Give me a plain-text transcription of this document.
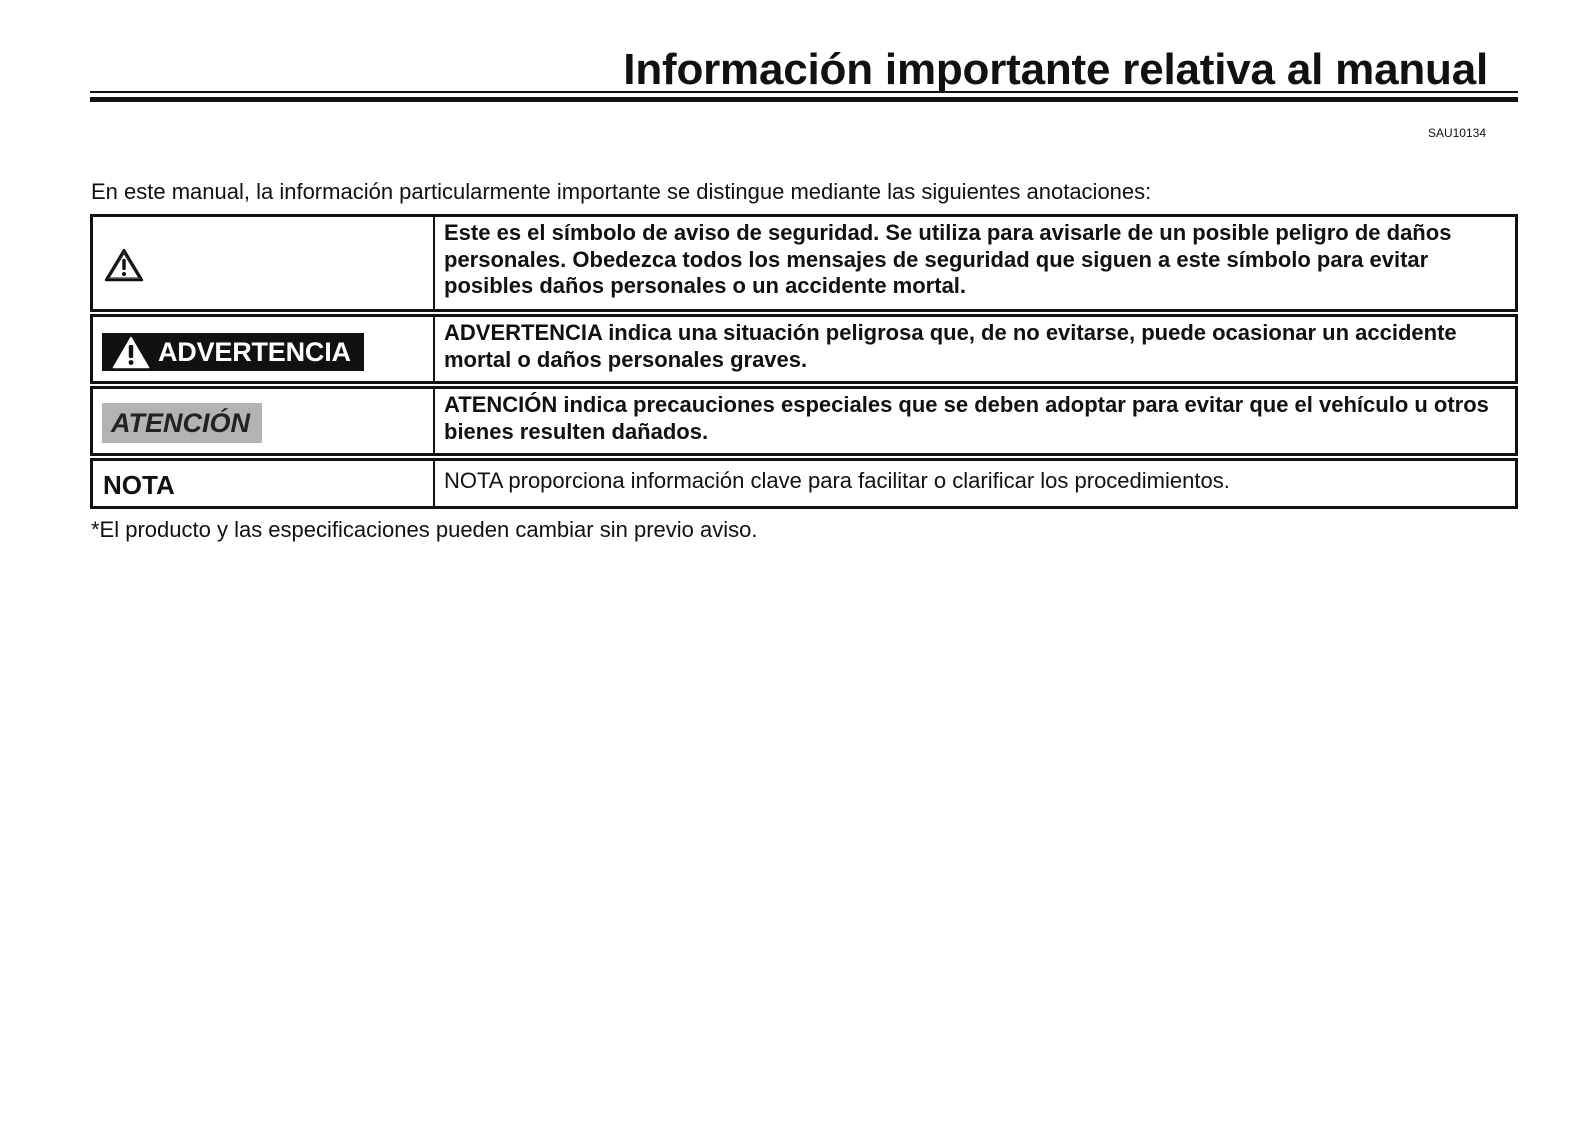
Información importante relativa al manual
SAU10134
En este manual, la información particularmente importante se distingue mediante las siguientes anotaciones:
Este es el símbolo de aviso de seguridad. Se utiliza para avisarle de un posible peligro de daños personales. Obedezca todos los mensajes de seguridad que siguen a este símbolo para evitar posibles daños personales o un accidente mortal.
ADVERTENCIA
ADVERTENCIA indica una situación peligrosa que, de no evitarse, puede ocasionar un accidente mortal o daños personales graves.
ATENCIÓN
ATENCIÓN indica precauciones especiales que se deben adoptar para evitar que el vehículo u otros bienes resulten dañados.
NOTA	NOTA proporciona información clave para facilitar o clarificar los procedimientos.
*El producto y las especificaciones pueden cambiar sin previo aviso.
